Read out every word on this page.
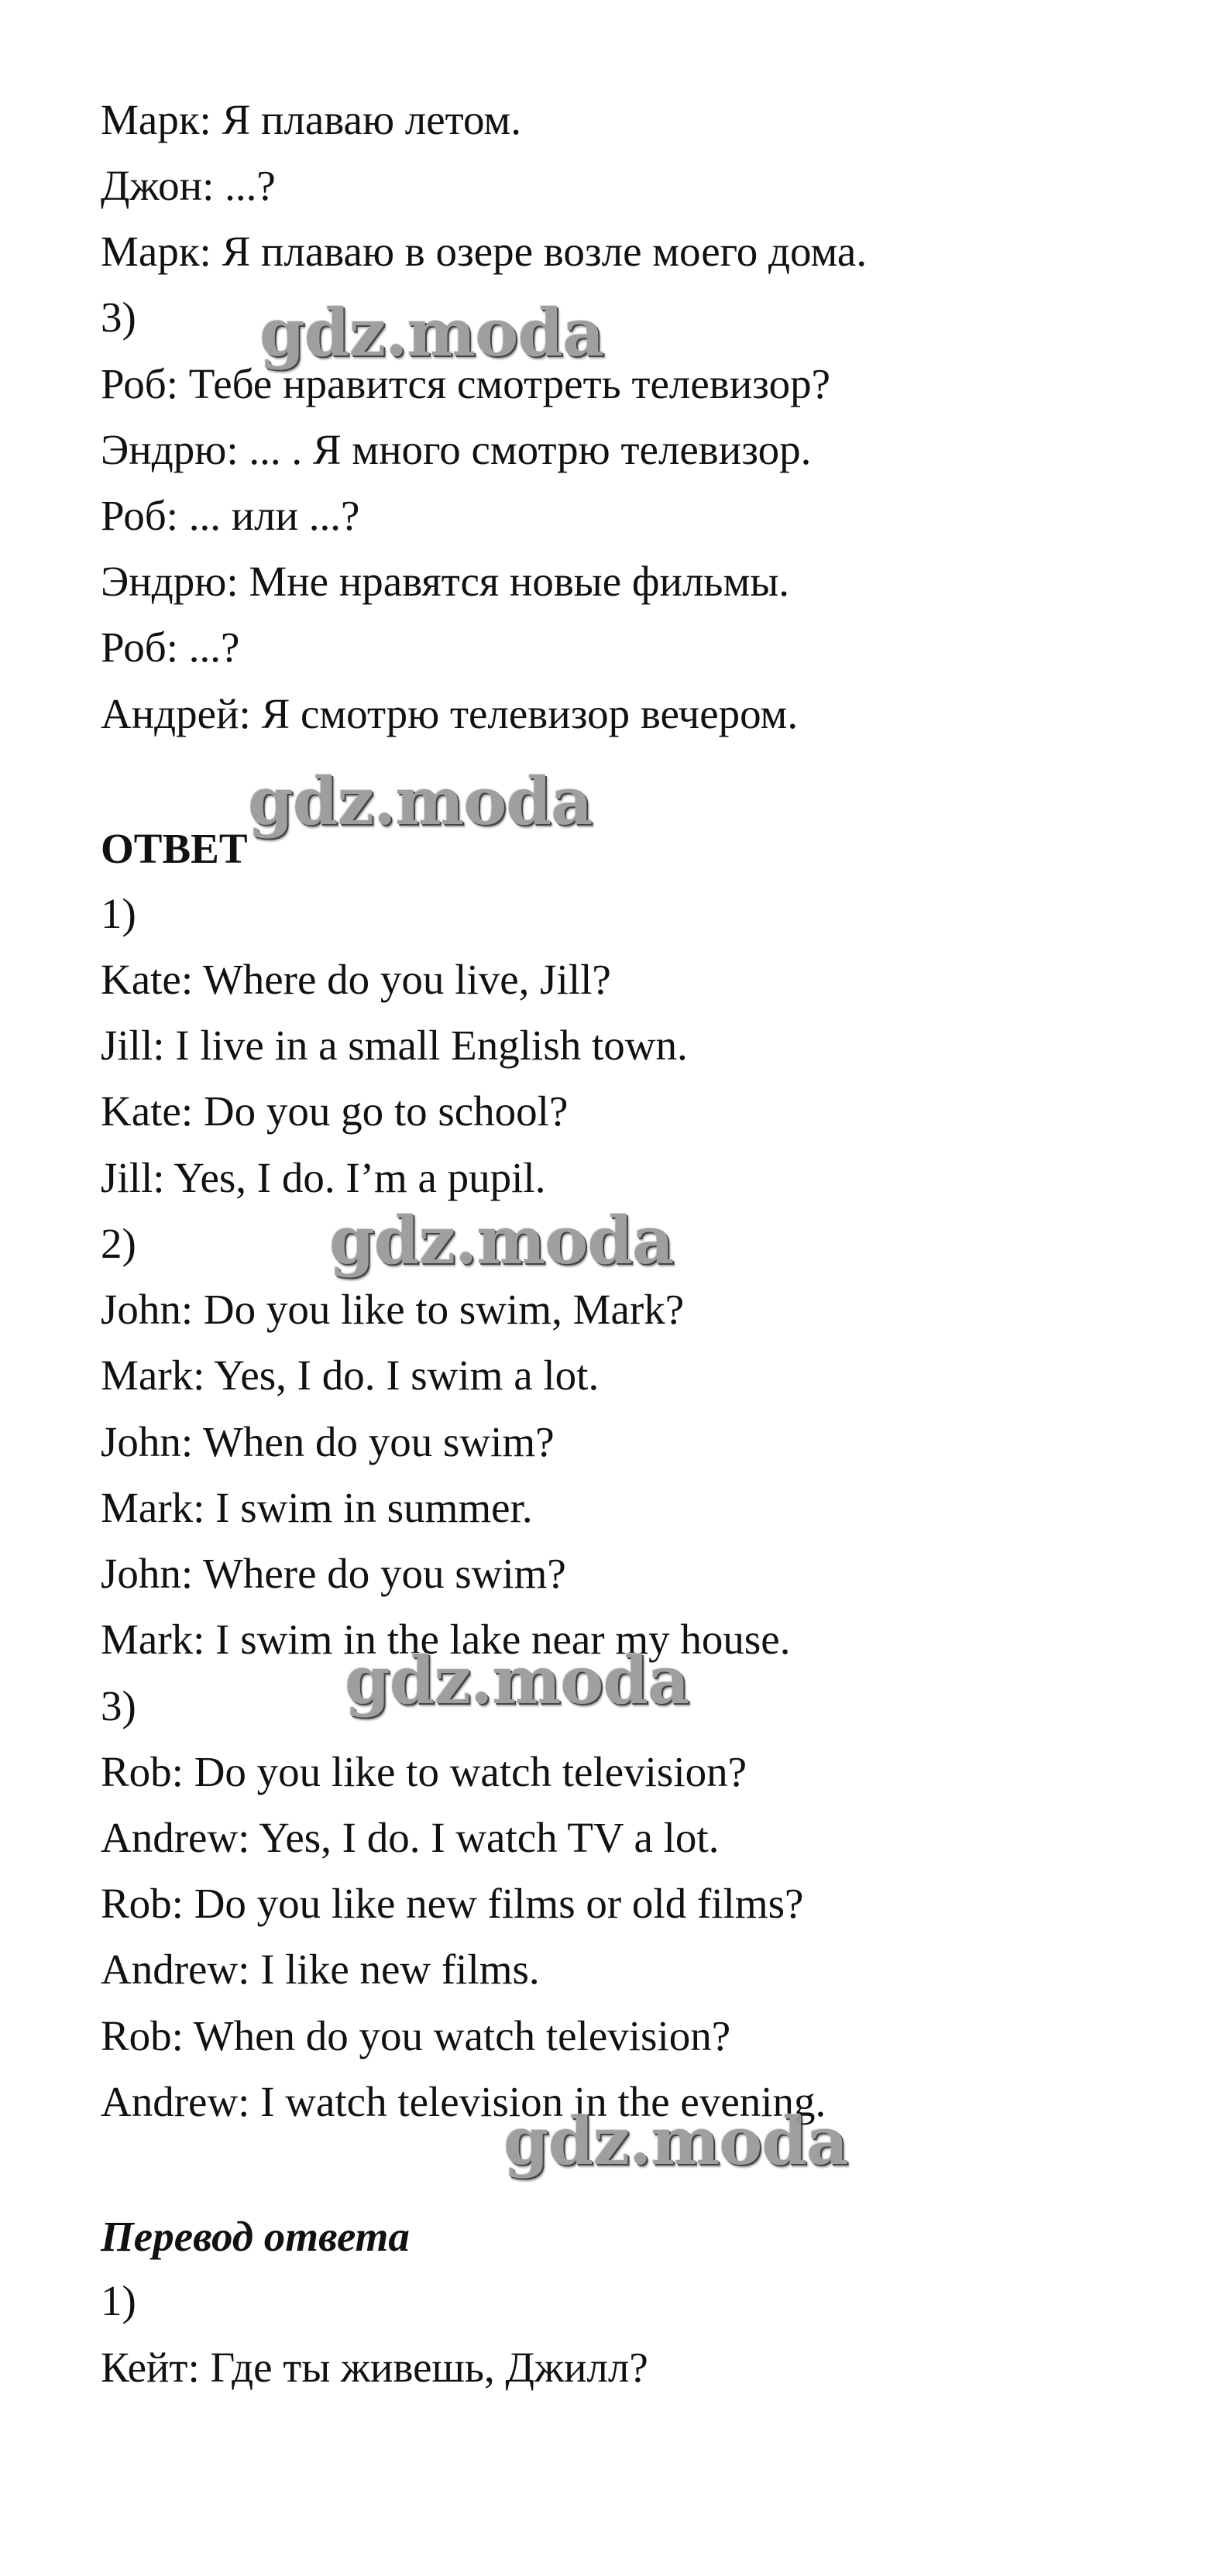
Марк: Я плаваю летом.
Джон: ...?
Марк: Я плаваю в озере возле моего дома.
3)
Роб: Тебе нравится смотреть телевизор?
Эндрю: ... . Я много смотрю телевизор.
Роб: ... или ...?
Эндрю: Мне нравятся новые фильмы.
Роб: ...?
Андрей: Я смотрю телевизор вечером.
ОТВЕТ
1)
Kate: Where do you live, Jill?
Jill: I live in a small English town.
Kate: Do you go to school?
Jill: Yes, I do. I’m a pupil.
2)
John: Do you like to swim, Mark?
Mark: Yes, I do. I swim a lot.
John: When do you swim?
Mark: I swim in summer.
John: Where do you swim?
Mark: I swim in the lake near my house.
3)
Rob: Do you like to watch television?
Andrew: Yes, I do. I watch TV a lot.
Rob: Do you like new films or old films?
Andrew: I like new films.
Rob: When do you watch television?
Andrew: I watch television in the evening.
Перевод ответа
1)
Кейт: Где ты живешь, Джилл?
gdz.moda
gdz.moda
gdz.moda
gdz.moda
gdz.moda
